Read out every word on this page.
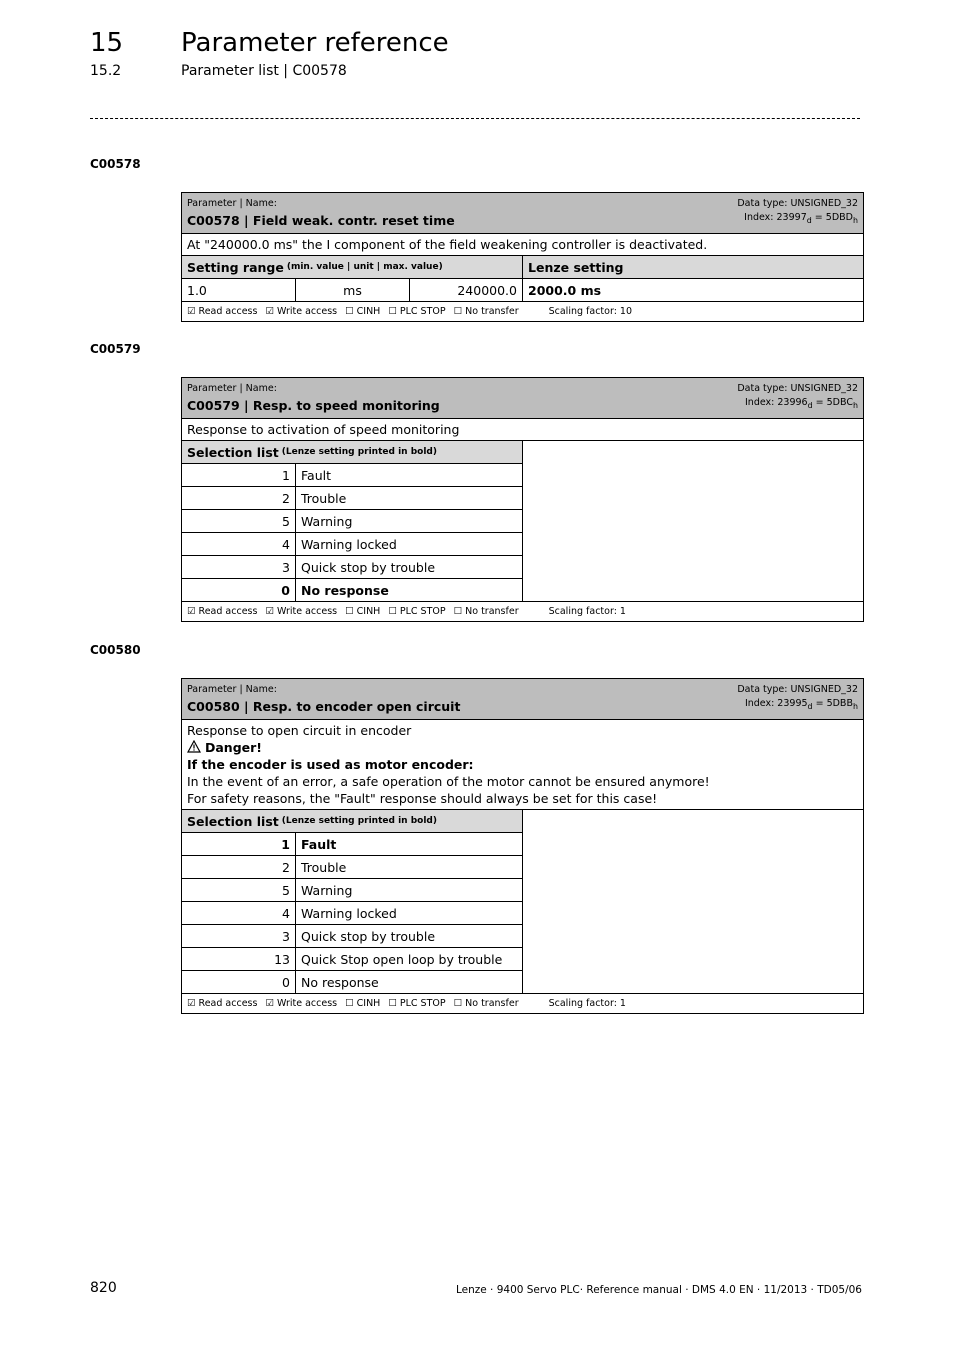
15 Parameter reference
15.2	Parameter list | C00578
C00578
Parameter | Name:
C00578 | Field weak. contr. reset time
Data type: UNSIGNED_32
Index: $23997_d = 5DBD_h$
At "240000.0 ms" the I component of the field weakening controller is deactivated.
Setting range (min. value | unit | max. value)	Lenze setting
1.0	ms	240000.0 2000.0 ms
☑ Read access ☑ Write access ☐ CINH ☐ PLC STOP ☐ No transfer	Scaling factor: 10
C00579
Parameter | Name:
C00579 | Resp. to speed monitoring
Data type: UNSIGNED_32
Index: $23996_d = 5DBC_h$
Response to activation of speed monitoring
Selection list (Lenze setting printed in bold)
1 Fault
2 Trouble
5 Warning
4 Warning locked
3 Quick stop by trouble
0 No response
☑ Read access ☑ Write access ☐ CINH ☐ PLC STOP ☐ No transfer	Scaling factor: 1
C00580
Parameter | Name:
C00580 | Resp. to encoder open circuit
Data type: UNSIGNED_32
Index: $23995_d = 5DBB_h$
Response to open circuit in encoder
Danger!
If the encoder is used as motor encoder:
In the event of an error, a safe operation of the motor cannot be ensured anymore!
For safety reasons, the "Fault" response should always be set for this case!
Selection list (Lenze setting printed in bold)
1 Fault
2 Trouble
5 Warning
4 Warning locked
3 Quick stop by trouble
13 Quick Stop open loop by trouble
0 No response
☑ Read access ☑ Write access ☐ CINH ☐ PLC STOP ☐ No transfer	Scaling factor: 1
820	Lenze · 9400 Servo PLC· Reference manual · DMS 4.0 EN · 11/2013 · TD05/06
